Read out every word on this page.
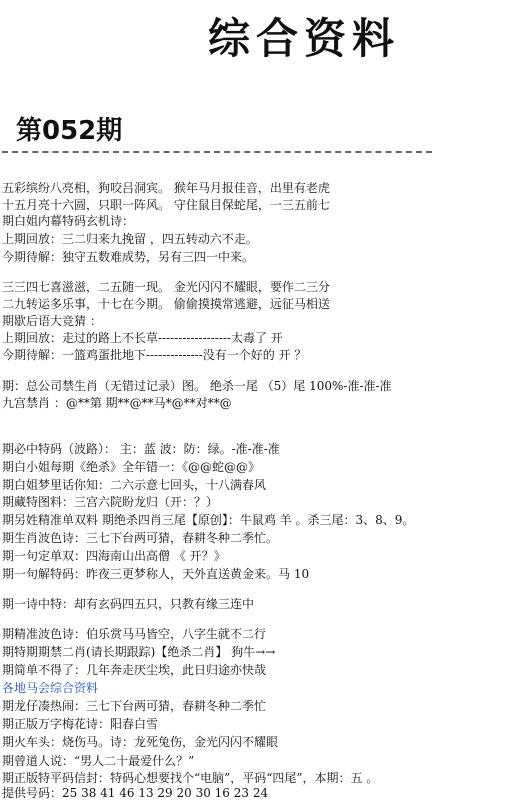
综合资料
第052期
五彩缤纷八亮相，狗咬吕洞宾。 猴年马月报佳音，出里有老虎
十五月亮十六圆，只职一阵风。 守住鼠目保蛇尾，一三五前七
期白姐内幕特码玄机诗：
上期回放：三二归来九挽留 ，四五转动六不走。
今期待解：独守五数难成势，另有三四一中来。
三三四七喜滋滋，二五随一现。 金光闪闪不耀眼，要作二三分
二九转运多乐事，十七在今期。 偷偷摸摸常逃避，远征马相送
期歇后语大竞猜 ：
上期回放：走过的路上不长草------------------太毒了 开
今期待解：一篮鸡蛋批地下--------------没有一个好的 开 ？
期：总公司禁生肖（无错过记录）图。 绝杀一尾 （5）尾 100%-准-准-准
九宫禁肖 ：@**第 期**@**马*@**对**@
期必中特码（波路）： 主：蓝 波：防：绿。-准-准-准
期白小姐每期《绝杀》全年错一：《@@蛇@@》
期白姐梦里话你知：二六示意七回头，十八满春风
期藏特图料：三宫六院盼龙归（开：？）
期另姓精准单双料 期绝杀四肖三尾【原创】：牛鼠鸡 羊 。杀三尾：3、8、9。
期生肖波色诗：三七下台两可猜，春耕冬种二季忙。
期一句定单双：四海南山出高僧 《 开？》
期一句解特码：昨夜三更梦称人，天外直送黄金来。马 10
期一诗中特：却有玄码四五只，只教有缘三连中
期精准波色诗：伯乐赏马马皆空，八字生就不二行
期特期期禁二肖(请长期跟踪)【绝杀二肖】 狗牛→→
期简单不得了：几年奔走厌尘埃，此日归途亦快哉
各地马会综合资料
期龙仔凑热闹：三七下台两可猜，春耕冬种二季忙
期正版万字梅花诗：阳春白雪
期火车头：烧伤马。诗：龙死兔伤，金光闪闪不耀眼
期曾道人说：“男人二十最爱什么？”
期正版特平码信封：特码心想要找个“电脑”，平码“四尾”，本期：五 。
提供号码：25 38 41 46 13 29 20 30 16 23 24
